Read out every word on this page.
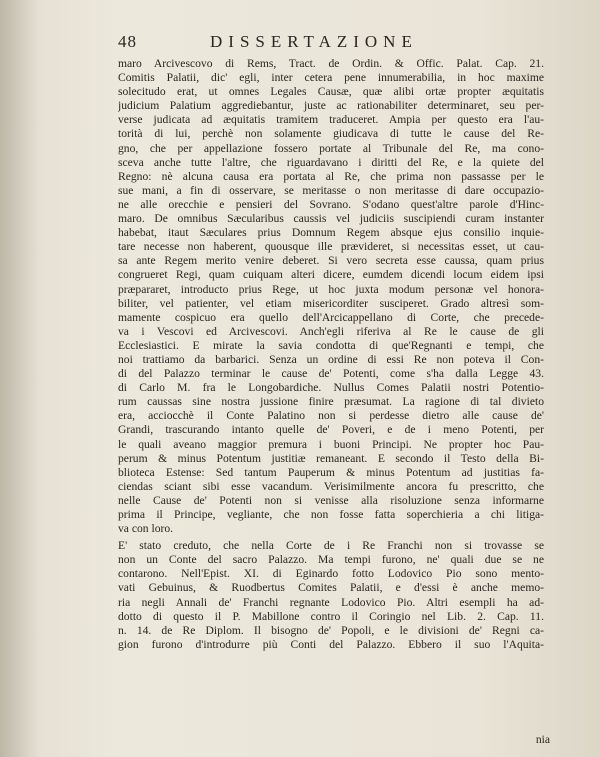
48	DISSERTAZIONE
maro Arcivescovo di Rems, Tract. de Ordin. & Offic. Palat. Cap. 21.
Comitis Palatii, dic' egli, inter cetera pene innumerabilia, in hoc maxime
solecitudo erat, ut omnes Legales Causæ, quæ alibi ortæ propter æquitatis
judicium Palatium aggrediebantur, juste ac rationabiliter determinaret, seu per-
verse judicata ad æquitatis tramitem traduceret. Ampia per questo era l'au-
torità di lui, perchè non solamente giudicava di tutte le cause del Re-
gno, che per appellazione fossero portate al Tribunale del Re, ma cono-
sceva anche tutte l'altre, che riguardavano i diritti del Re, e la quiete del
Regno: nè alcuna causa era portata al Re, che prima non passasse per le
sue mani, a fin di osservare, se meritasse o non meritasse di dare occupazio-
ne alle orecchie e pensieri del Sovrano. S'odano quest'altre parole d'Hinc-
maro. De omnibus Sæcularibus caussis vel judiciis suscipiendi curam instanter
habebat, itaut Sæculares prius Domnum Regem absque ejus consilio inquie-
tare necesse non haberent, quousque ille prævideret, si necessitas esset, ut cau-
sa ante Regem merito venire deberet. Si vero secreta esse caussa, quam prius
congrueret Regi, quam cuiquam alteri dicere, eumdem dicendi locum eidem ipsi
præpararet, introducto prius Rege, ut hoc juxta modum personæ vel honora-
biliter, vel patienter, vel etiam misericorditer susciperet. Grado altresì som-
mamente cospicuo era quello dell'Arcicappellano di Corte, che precede-
va i Vescovi ed Arcivescovi. Anch'egli riferiva al Re le cause de gli
Ecclesiastici. E mirate la savia condotta di que'Regnanti e tempi, che
noi trattiamo da barbarici. Senza un ordine di essi Re non poteva il Con-
di del Palazzo terminar le cause de' Potenti, come s'ha dalla Legge 43.
di Carlo M. fra le Longobardiche. Nullus Comes Palatii nostri Potentio-
rum caussas sine nostra jussione finire præsumat. La ragione di tal divieto
era, acciocchè il Conte Palatino non si perdesse dietro alle cause de'
Grandi, trascurando intanto quelle de' Poveri, e de i meno Potenti, per
le quali aveano maggior premura i buoni Principi. Ne propter hoc Pau-
perum & minus Potentum justitiæ remaneant. E secondo il Testo della Bi-
blioteca Estense: Sed tantum Pauperum & minus Potentum ad justitias fa-
ciendas sciant sibi esse vacandum. Verisimilmente ancora fu prescritto, che
nelle Cause de' Potenti non si venisse alla risoluzione senza informarne
prima il Principe, vegliante, che non fosse fatta soperchieria a chi litiga-
va con loro.
E' stato creduto, che nella Corte de i Re Franchi non si trovasse se
non un Conte del sacro Palazzo. Ma tempi furono, ne' quali due se ne
contarono. Nell'Epist. XI. di Eginardo fotto Lodovico Pio sono mento-
vati Gebuinus, & Ruodbertus Comites Palatii, e d'essi è anche memo-
ria negli Annali de' Franchi regnante Lodovico Pio. Altri esempli ha ad-
dotto di questo il P. Mabillone contro il Coringio nel Lib. 2. Cap. 11.
n. 14. de Re Diplom. Il bisogno de' Popoli, e le divisioni de' Regni ca-
gion furono d'introdurre più Conti del Palazzo. Ebbero il suo l'Aquita-
nia
